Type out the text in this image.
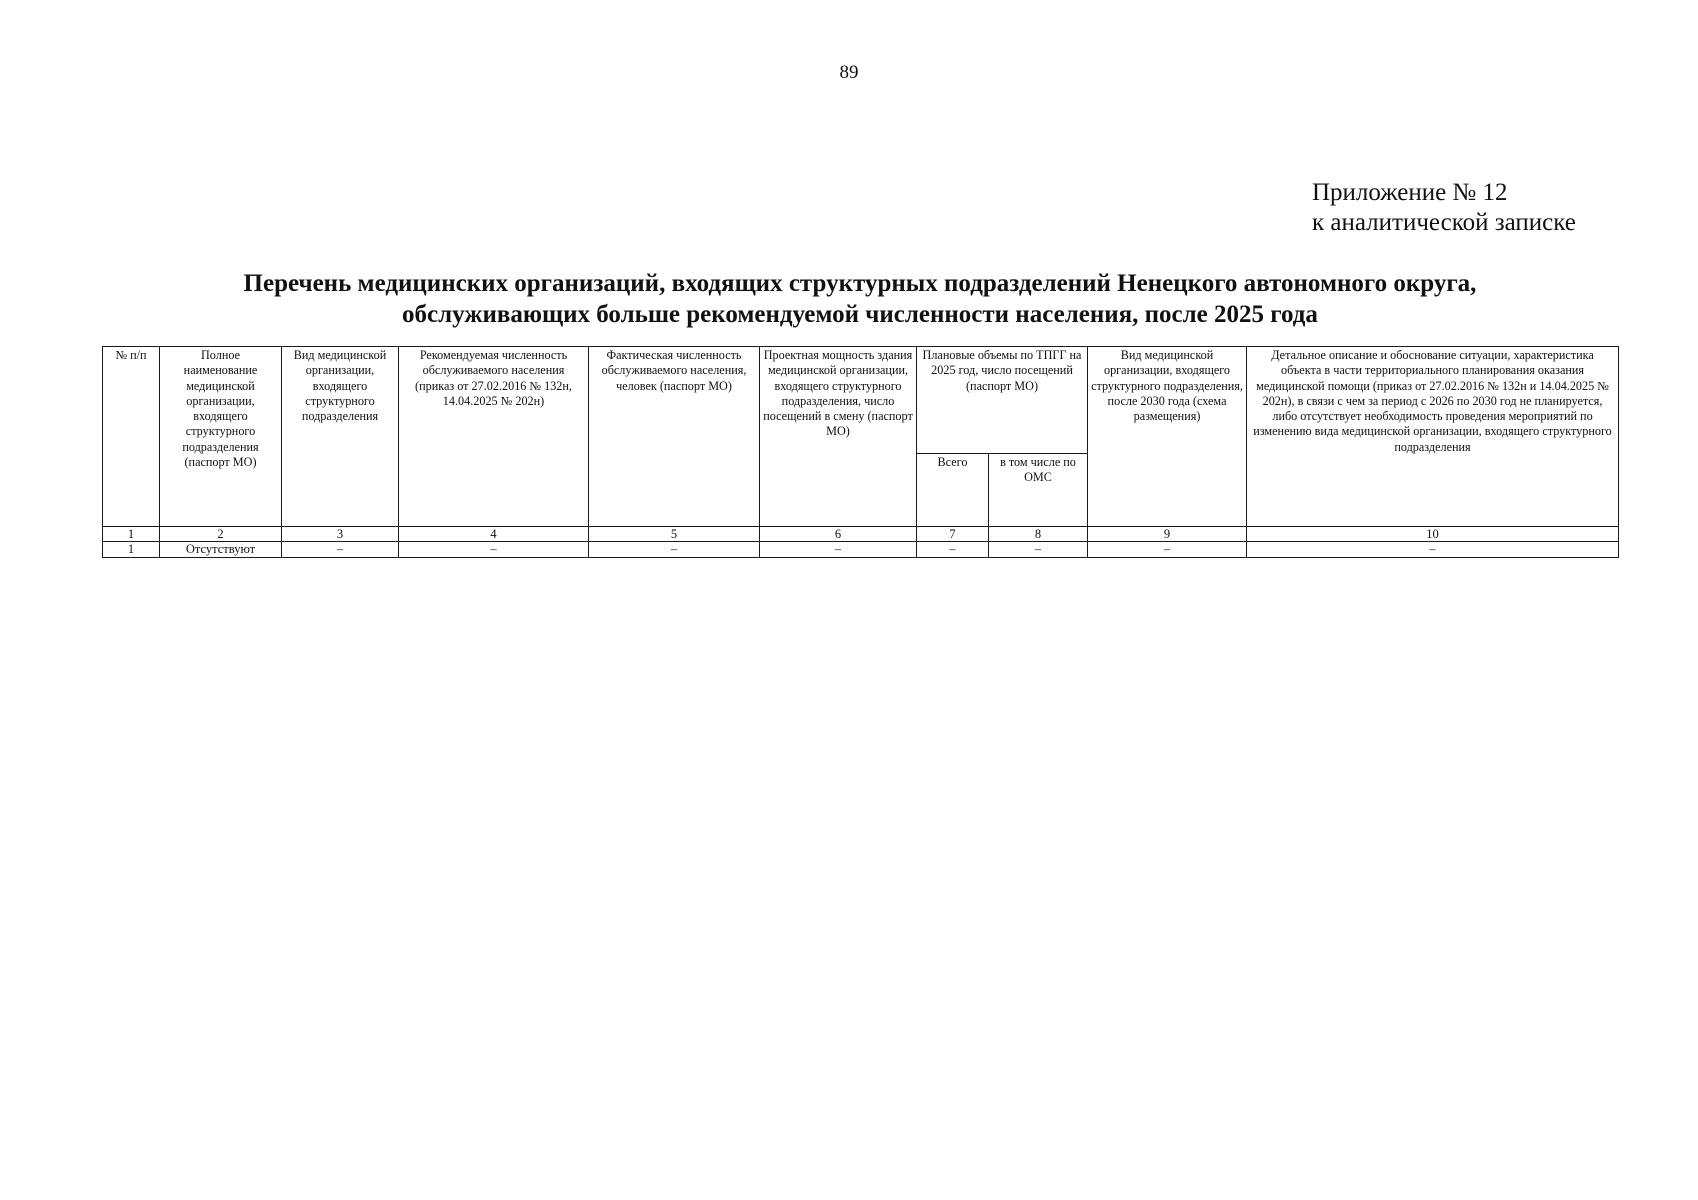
89
Приложение № 12
к аналитической записке
Перечень медицинских организаций, входящих структурных подразделений Ненецкого автономного округа,
обслуживающих больше рекомендуемой численности населения, после 2025 года
№ п/п	Полное наименование медицинской организации, входящего структурного подразделения (паспорт МО)	Вид медицинской организации, входящего структурного подразделения	Рекомендуемая численность обслуживаемого населения (приказ от 27.02.2016 № 132н, 14.04.2025 № 202н)	Фактическая численность обслуживаемого населения, человек (паспорт МО)	Проектная мощность здания медицинской организации, входящего структурного подразделения, число посещений в смену (паспорт МО)	Плановые объемы по ТПГГ на 2025 год, число посещений (паспорт МО)		Вид медицинской организации, входящего структурного подразделения, после 2030 года (схема размещения)	Детальное описание и обоснование ситуации, характеристика объекта в части территориального планирования оказания медицинской помощи (приказ от 27.02.2016 № 132н и 14.04.2025 № 202н), в связи с чем за период с 2026 по 2030 год не планируется, либо отсутствует необходимость проведения мероприятий по изменению вида медицинской организации, входящего структурного подразделения
						Всего	в том числе по ОМС		
1	2	3	4	5	6	7	8	9	10
1	Отсутствуют	–	–	–	–	–	–	–	–
